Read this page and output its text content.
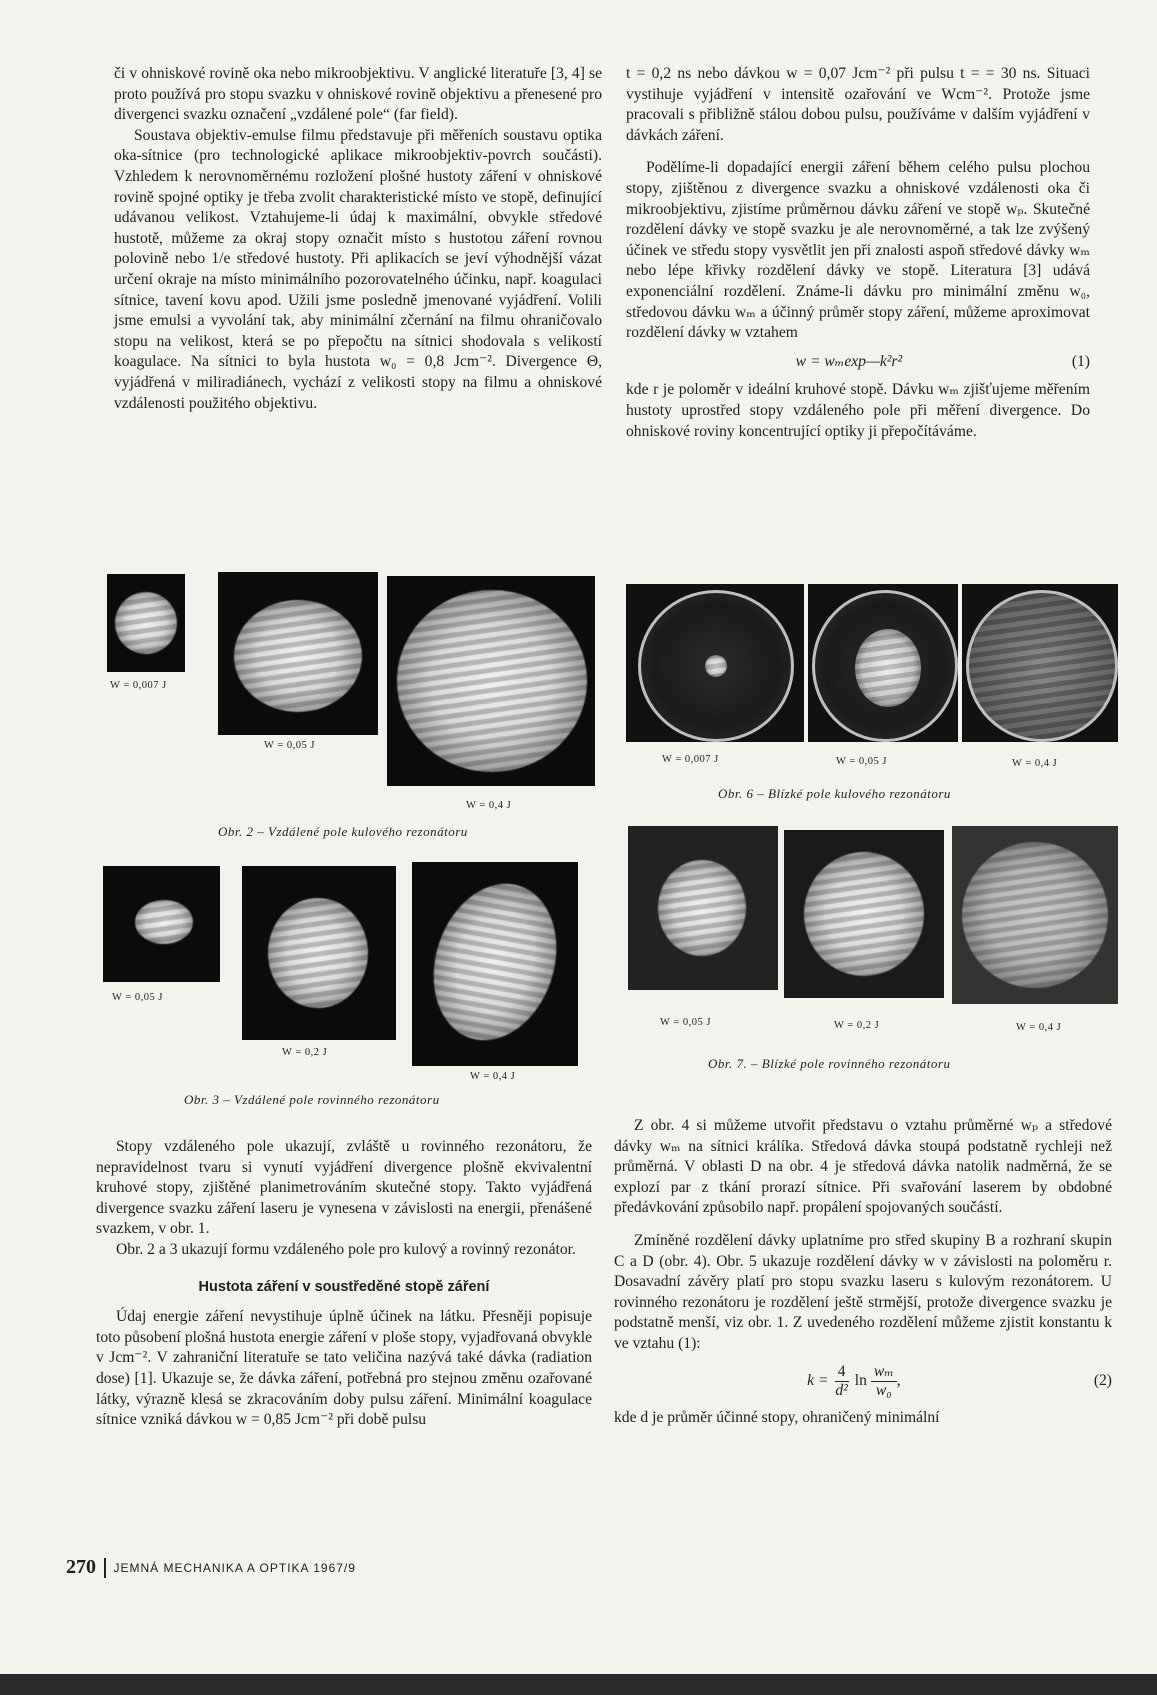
či v ohniskové rovině oka nebo mikroobjektivu. V anglické literatuře [3, 4] se proto používá pro stopu svazku v ohniskové rovině objektivu a přenesené pro divergenci svazku označení „vzdálené pole“ (far field).

Soustava objektiv-emulse filmu představuje při měřeních soustavu optika oka-sítnice (pro technologické aplikace mikroobjektiv-povrch součásti). Vzhledem k nerovnoměrnému rozložení plošné hustoty záření v ohniskové rovině spojné optiky je třeba zvolit charakteristické místo ve stopě, definující udávanou velikost. Vztahujeme-li údaj k maximální, obvykle středové hustotě, můžeme za okraj stopy označit místo s hustotou záření rovnou polovině nebo 1/e středové hustoty. Při aplikacích se jeví výhodnější vázat určení okraje na místo minimálního pozorovatelného účinku, např. koagulaci sítnice, tavení kovu apod. Užili jsme posledně jmenované vyjádření. Volili jsme emulsi a vyvolání tak, aby minimální zčernání na filmu ohraničovalo stopu na velikost, která se po přepočtu na sítnici shodovala s velikostí koagulace. Na sítnici to byla hustota w₀ = 0,8 Jcm⁻². Divergence Θ, vyjádřená v miliradiánech, vychází z velikosti stopy na filmu a ohniskové vzdálenosti použitého objektivu.

t = 0,2 ns nebo dávkou w = 0,07 Jcm⁻² při pulsu t = = 30 ns. Situaci vystihuje vyjádření v intensitě ozařování ve Wcm⁻². Protože jsme pracovali s přibližně stálou dobou pulsu, používáme v dalším vyjádření v dávkách záření.

Podělíme-li dopadající energii záření během celého pulsu plochou stopy, zjištěnou z divergence svazku a ohniskové vzdálenosti oka či mikroobjektivu, zjistíme průměrnou dávku záření ve stopě wₚ. Skutečné rozdělení dávky ve stopě svazku je ale nerovnoměrné, a tak lze zvýšený účinek ve středu stopy vysvětlit jen při znalosti aspoň středové dávky wₘ nebo lépe křivky rozdělení dávky ve stopě. Literatura [3] udává exponenciální rozdělení. Známe-li dávku pro minimální změnu w₀, středovou dávku wₘ a účinný průměr stopy záření, můžeme aproximovat rozdělení dávky w vztahem

w = wₘexp—k²r²	(1)

kde r je poloměr v ideální kruhové stopě. Dávku wₘ zjišťujeme měřením hustoty uprostřed stopy vzdáleného pole při měření divergence. Do ohniskové roviny koncentrující optiky ji přepočítáváme.

W = 0,007 J
W = 0,05 J
W = 0,4 J
Obr. 2 – Vzdálené pole kulového rezonátoru
W = 0,05 J
W = 0,2 J
W = 0,4 J
Obr. 3 – Vzdálené pole rovinného rezonátoru
W = 0,007 J	W = 0,05 J	W = 0,4 J
Obr. 6 – Blízké pole kulového rezonátoru
W = 0,05 J	W = 0,2 J	W = 0,4 J
Obr. 7. – Blízké pole rovinného rezonátoru

Stopy vzdáleného pole ukazují, zvláště u rovinného rezonátoru, že nepravidelnost tvaru si vynutí vyjádření divergence plošně ekvivalentní kruhové stopy, zjištěné planimetrováním skutečné stopy. Takto vyjádřená divergence svazku záření laseru je vynesena v závislosti na energii, přenášené svazkem, v obr. 1.

Obr. 2 a 3 ukazují formu vzdáleného pole pro kulový a rovinný rezonátor.

Hustota záření v soustředěné stopě záření

Údaj energie záření nevystihuje úplně účinek na látku. Přesněji popisuje toto působení plošná hustota energie záření v ploše stopy, vyjadřovaná obvykle v Jcm⁻². V zahraniční literatuře se tato veličina nazývá také dávka (radiation dose) [1]. Ukazuje se, že dávka záření, potřebná pro stejnou změnu ozařované látky, výrazně klesá se zkracováním doby pulsu záření. Minimální koagulace sítnice vzniká dávkou w = 0,85 Jcm⁻² při době pulsu

Z obr. 4 si můžeme utvořit představu o vztahu průměrné wₚ a středové dávky wₘ na sítnici králíka. Středová dávka stoupá podstatně rychleji než průměrná. V oblasti D na obr. 4 je středová dávka natolik nadměrná, že se explozí par z tkání prorazí sítnice. Při svařování laserem by obdobné předávkování způsobilo např. propálení spojovaných součástí.

Zmíněné rozdělení dávky uplatníme pro střed skupiny B a rozhraní skupin C a D (obr. 4). Obr. 5 ukazuje rozdělení dávky w v závislosti na poloměru r. Dosavadní závěry platí pro stopu svazku laseru s kulovým rezonátorem. U rovinného rezonátoru je rozdělení ještě strmější, protože divergence svazku je podstatně menší, viz obr. 1. Z uvedeného rozdělení můžeme zjistit konstantu k ve vztahu (1):

$k = \frac{4}{\text{d²}}$ $\ln \frac{\text{wₘ}}{\text{w₀}}$ ,	(2)

kde d je průměr účinné stopy, ohraničený minimální

270 JEMNÁ MECHANIKA A OPTIKA 1967/9
